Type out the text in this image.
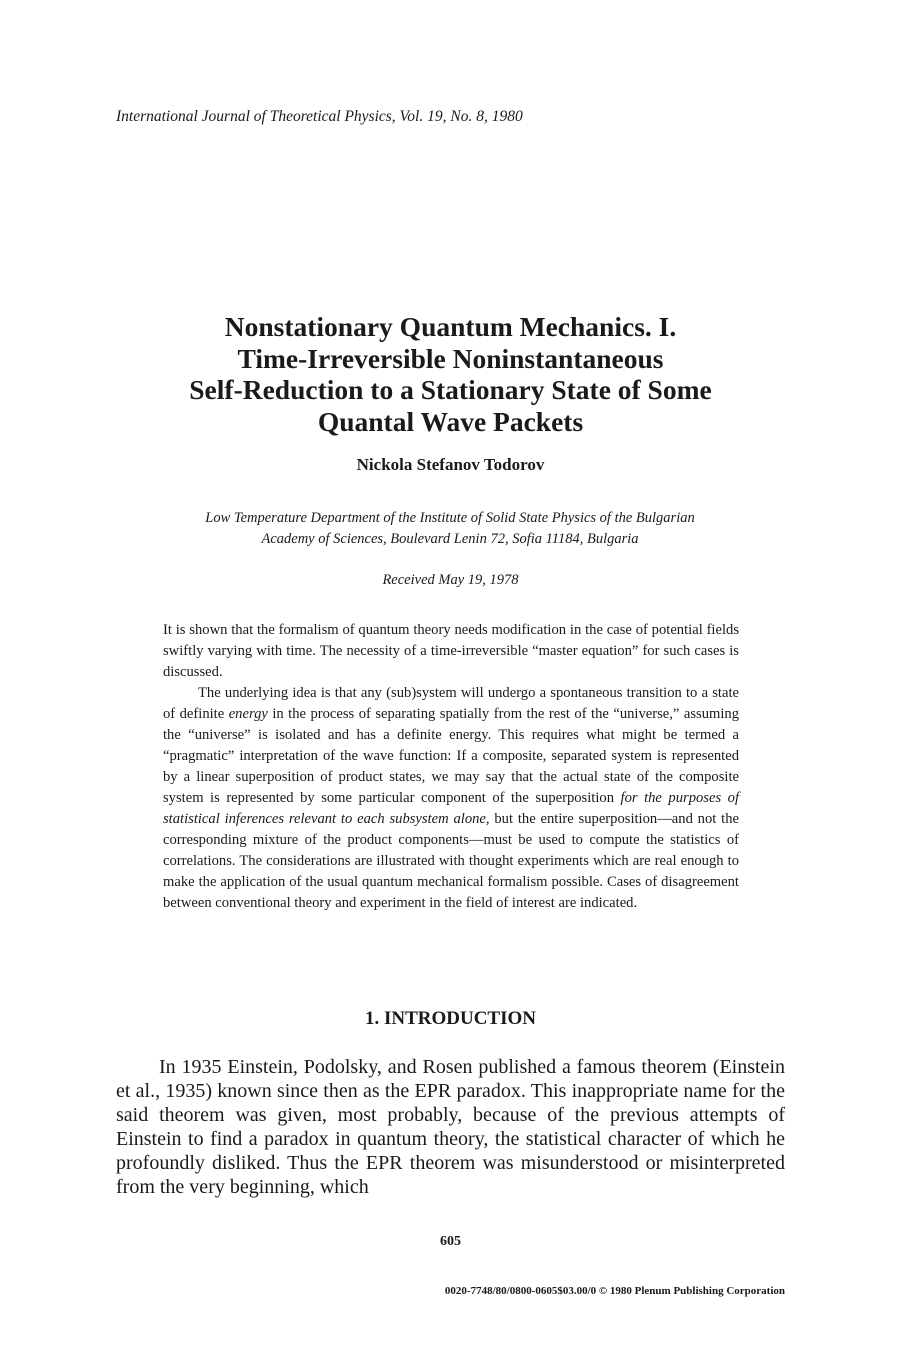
International Journal of Theoretical Physics, Vol. 19, No. 8, 1980
Nonstationary Quantum Mechanics. I.
Time-Irreversible Noninstantaneous
Self-Reduction to a Stationary State of Some
Quantal Wave Packets
Nickola Stefanov Todorov
Low Temperature Department of the Institute of Solid State Physics of the Bulgarian
Academy of Sciences, Boulevard Lenin 72, Sofia 11184, Bulgaria
Received May 19, 1978

It is shown that the formalism of quantum theory needs modification in the case of potential fields swiftly varying with time. The necessity of a time-irreversible “master equation” for such cases is discussed.

The underlying idea is that any (sub)system will undergo a spontaneous transition to a state of definite energy in the process of separating spatially from the rest of the “universe,” assuming the “universe” is isolated and has a definite energy. This requires what might be termed a “pragmatic” interpretation of the wave function: If a composite, separated system is represented by a linear superposition of product states, we may say that the actual state of the composite system is represented by some particular component of the superposition for the purposes of statistical inferences relevant to each subsystem alone, but the entire superposition—and not the corresponding mixture of the product components—must be used to compute the statistics of correlations. The considerations are illustrated with thought experiments which are real enough to make the application of the usual quantum mechanical formalism possible. Cases of disagreement between conventional theory and experiment in the field of interest are indicated.

1. INTRODUCTION

In 1935 Einstein, Podolsky, and Rosen published a famous theorem (Einstein et al., 1935) known since then as the EPR paradox. This inappropriate name for the said theorem was given, most probably, because of the previous attempts of Einstein to find a paradox in quantum theory, the statistical character of which he profoundly disliked. Thus the EPR theorem was misunderstood or misinterpreted from the very beginning, which

605
0020-7748/80/0800-0605$03.00/0 © 1980 Plenum Publishing Corporation
